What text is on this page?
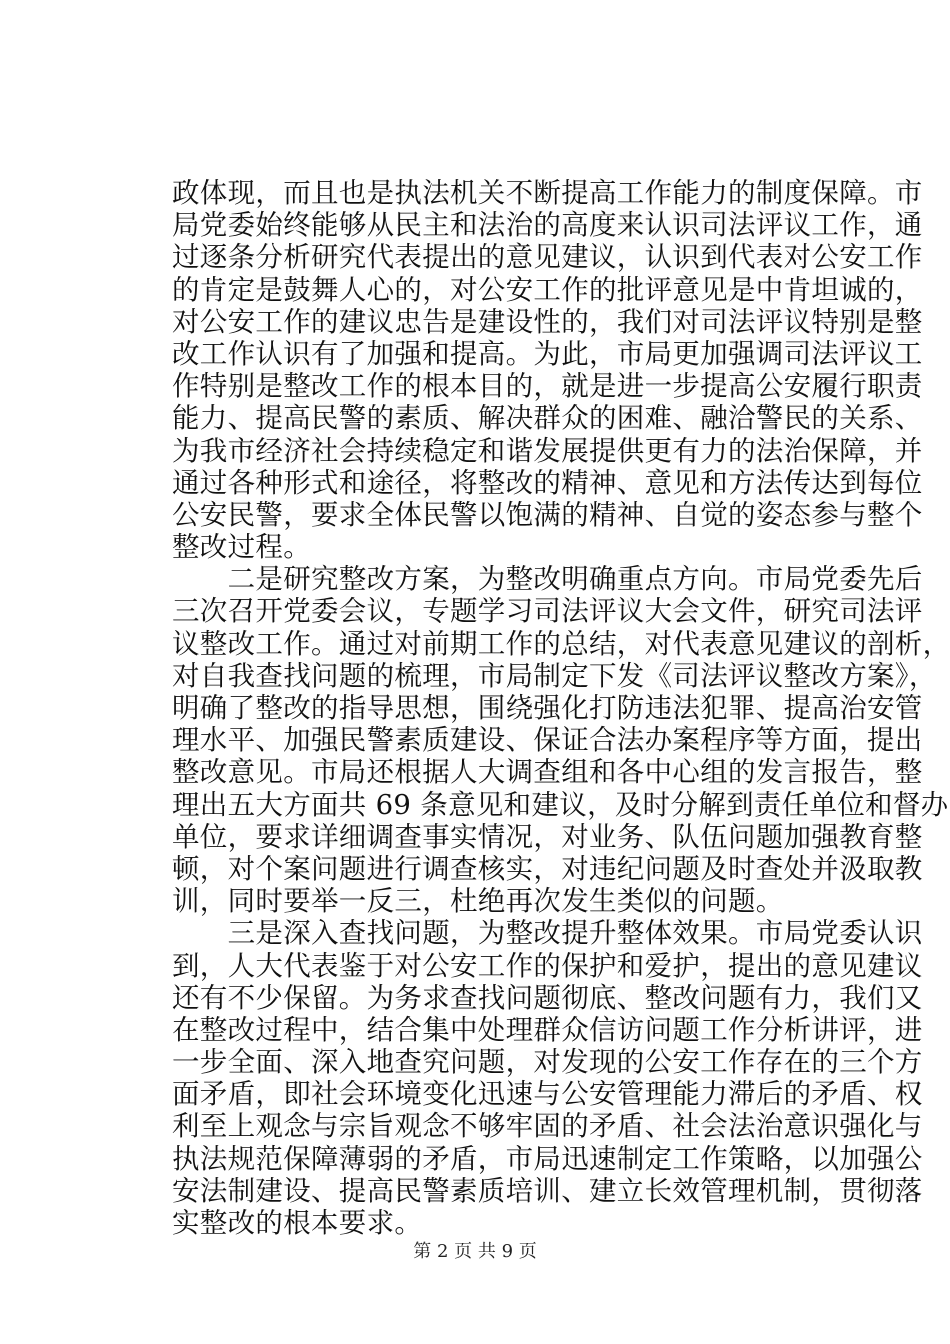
政体现，而且也是执法机关不断提高工作能力的制度保障。市
局党委始终能够从民主和法治的高度来认识司法评议工作，通
过逐条分析研究代表提出的意见建议，认识到代表对公安工作
的肯定是鼓舞人心的，对公安工作的批评意见是中肯坦诚的，
对公安工作的建议忠告是建设性的，我们对司法评议特别是整
改工作认识有了加强和提高。为此，市局更加强调司法评议工
作特别是整改工作的根本目的，就是进一步提高公安履行职责
能力、提高民警的素质、解决群众的困难、融洽警民的关系、
为我市经济社会持续稳定和谐发展提供更有力的法治保障，并
通过各种形式和途径，将整改的精神、意见和方法传达到每位
公安民警，要求全体民警以饱满的精神、自觉的姿态参与整个
整改过程。
　　二是研究整改方案，为整改明确重点方向。市局党委先后
三次召开党委会议，专题学习司法评议大会文件，研究司法评
议整改工作。通过对前期工作的总结，对代表意见建议的剖析，
对自我查找问题的梳理，市局制定下发《司法评议整改方案》，
明确了整改的指导思想，围绕强化打防违法犯罪、提高治安管
理水平、加强民警素质建设、保证合法办案程序等方面，提出
整改意见。市局还根据人大调查组和各中心组的发言报告，整
理出五大方面共 69 条意见和建议，及时分解到责任单位和督办
单位，要求详细调查事实情况，对业务、队伍问题加强教育整
顿，对个案问题进行调查核实，对违纪问题及时查处并汲取教
训，同时要举一反三，杜绝再次发生类似的问题。
　　三是深入查找问题，为整改提升整体效果。市局党委认识
到，人大代表鉴于对公安工作的保护和爱护，提出的意见建议
还有不少保留。为务求查找问题彻底、整改问题有力，我们又
在整改过程中，结合集中处理群众信访问题工作分析讲评，进
一步全面、深入地查究问题，对发现的公安工作存在的三个方
面矛盾，即社会环境变化迅速与公安管理能力滞后的矛盾、权
利至上观念与宗旨观念不够牢固的矛盾、社会法治意识强化与
执法规范保障薄弱的矛盾，市局迅速制定工作策略，以加强公
安法制建设、提高民警素质培训、建立长效管理机制，贯彻落
实整改的根本要求。
第 2 页 共 9 页
